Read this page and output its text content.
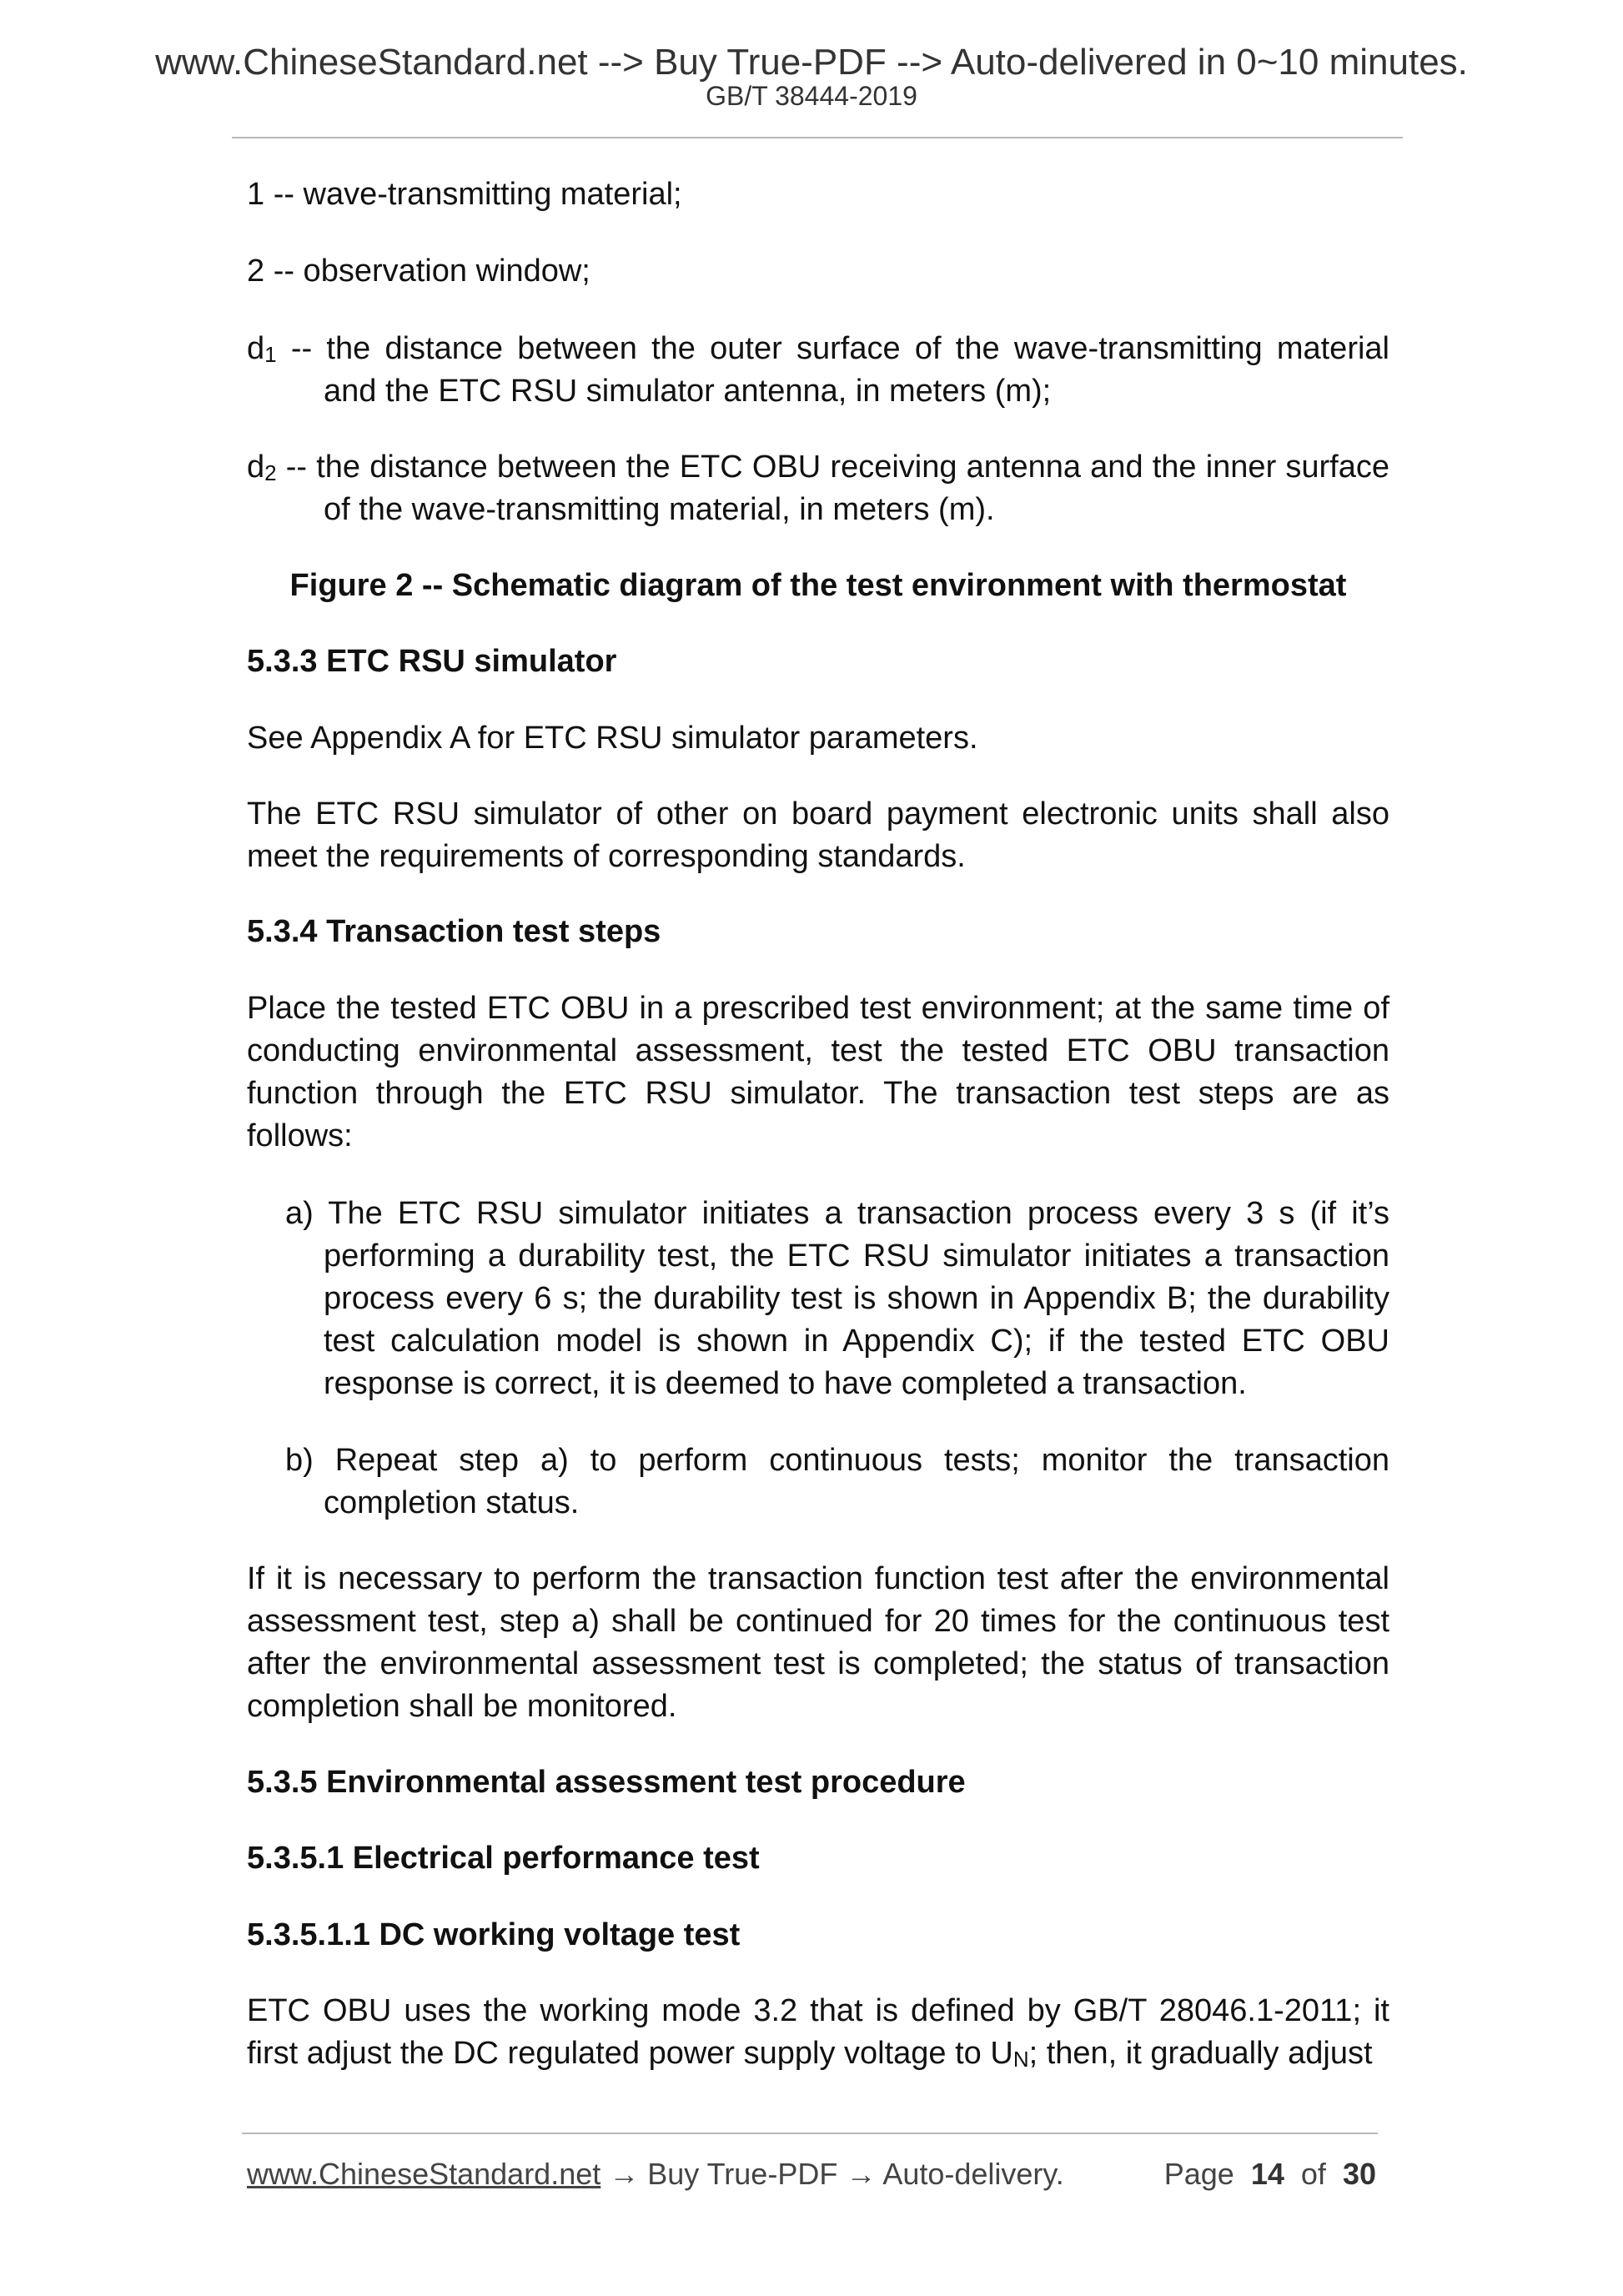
www.ChineseStandard.net --> Buy True-PDF --> Auto-delivered in 0~10 minutes.
GB/T 38444-2019
1 -- wave-transmitting material;
2 -- observation window;
$d_1$ -- the distance between the outer surface of the wave-transmitting material and the ETC RSU simulator antenna, in meters (m);
$d_2$ -- the distance between the ETC OBU receiving antenna and the inner surface of the wave-transmitting material, in meters (m).
Figure 2 -- Schematic diagram of the test environment with thermostat
5.3.3 ETC RSU simulator
See Appendix A for ETC RSU simulator parameters.
The ETC RSU simulator of other on board payment electronic units shall also meet the requirements of corresponding standards.
5.3.4 Transaction test steps
Place the tested ETC OBU in a prescribed test environment; at the same time of conducting environmental assessment, test the tested ETC OBU transaction function through the ETC RSU simulator. The transaction test steps are as follows:
a) The ETC RSU simulator initiates a transaction process every 3 s (if it’s performing a durability test, the ETC RSU simulator initiates a transaction process every 6 s; the durability test is shown in Appendix B; the durability test calculation model is shown in Appendix C); if the tested ETC OBU response is correct, it is deemed to have completed a transaction.
b) Repeat step a) to perform continuous tests; monitor the transaction completion status.
If it is necessary to perform the transaction function test after the environmental assessment test, step a) shall be continued for 20 times for the continuous test after the environmental assessment test is completed; the status of transaction completion shall be monitored.
5.3.5 Environmental assessment test procedure
5.3.5.1 Electrical performance test
5.3.5.1.1 DC working voltage test
ETC OBU uses the working mode 3.2 that is defined by GB/T 28046.1-2011; it first adjust the DC regulated power supply voltage to $U_N$; then, it gradually adjust
www.ChineseStandard.net → Buy True-PDF → Auto-delivery.	Page 14 of 30
